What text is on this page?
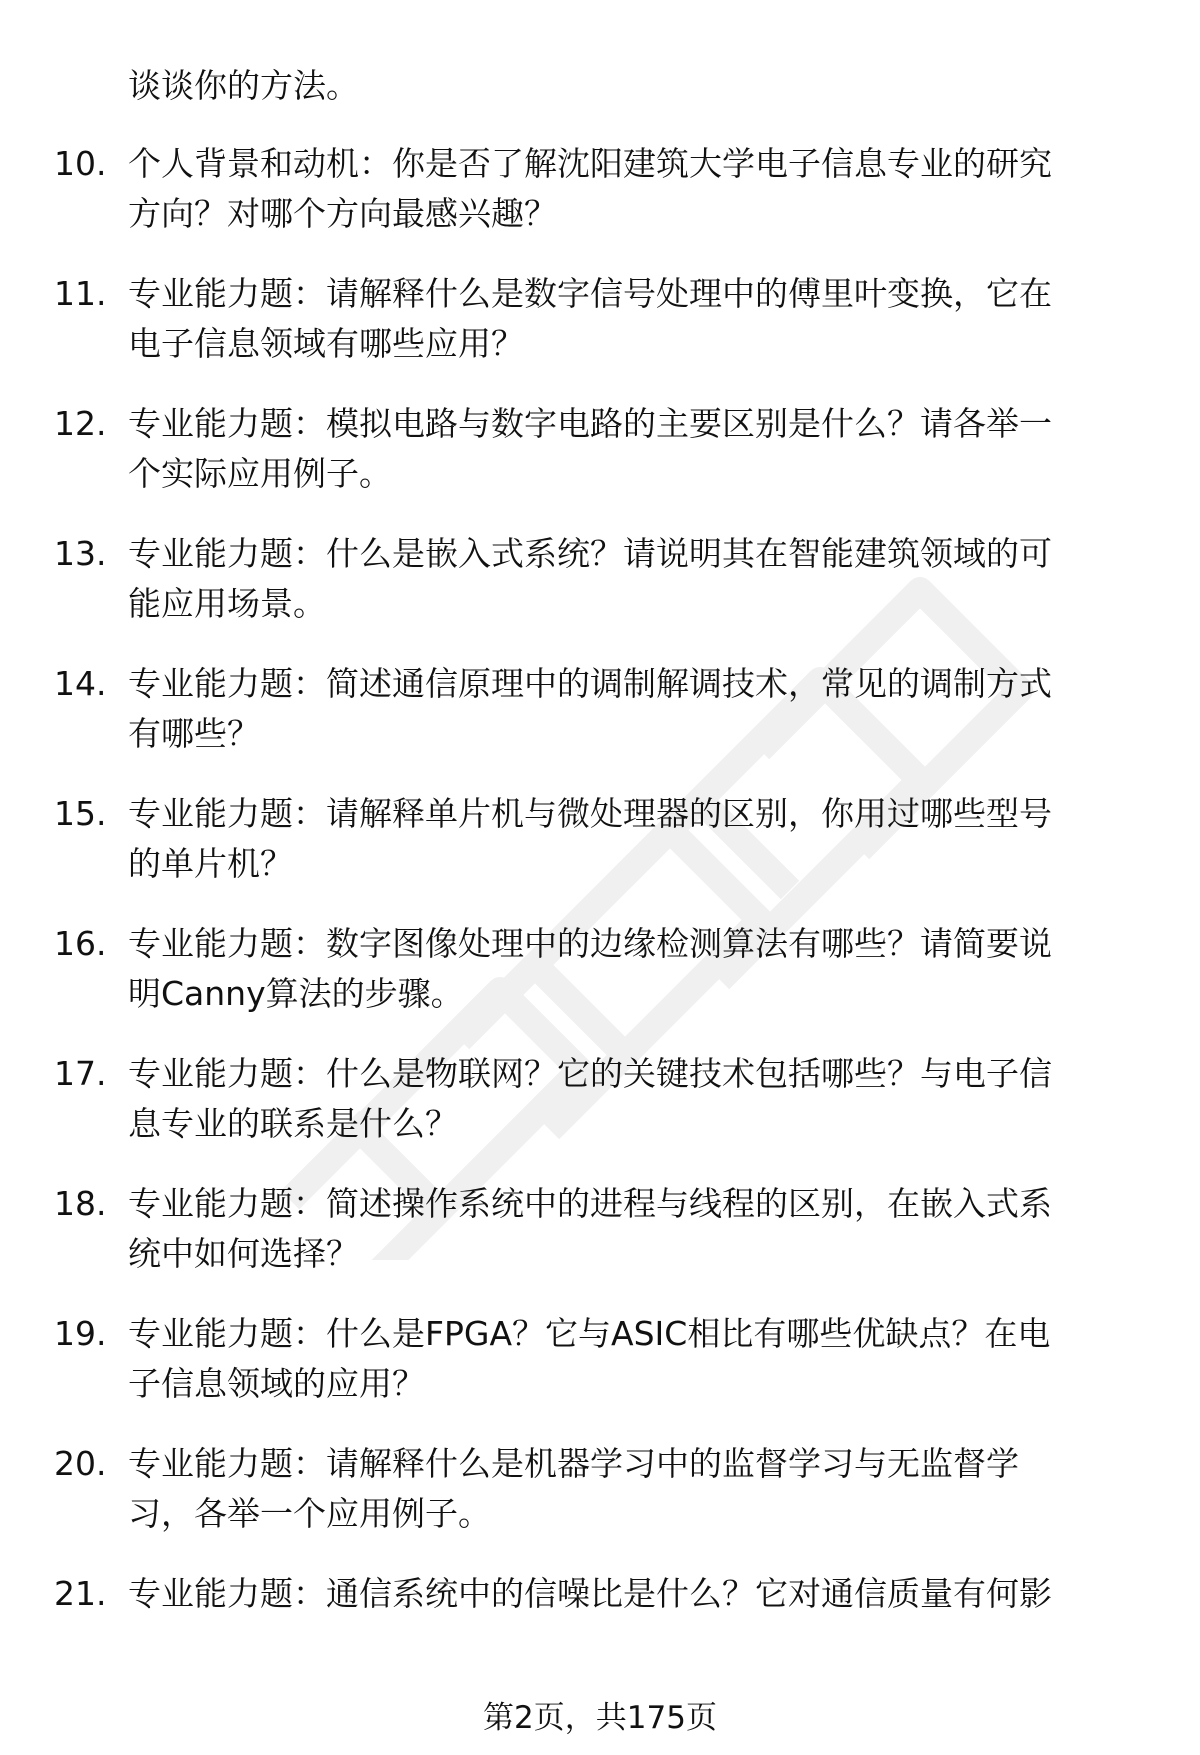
谈谈你的方法。
10. 个人背景和动机：你是否了解沈阳建筑大学电子信息专业的研究
方向？对哪个方向最感兴趣？
11. 专业能力题：请解释什么是数字信号处理中的傅里叶变换，它在
电子信息领域有哪些应用？
12. 专业能力题：模拟电路与数字电路的主要区别是什么？请各举一
个实际应用例子。
13. 专业能力题：什么是嵌入式系统？请说明其在智能建筑领域的可
能应用场景。
14. 专业能力题：简述通信原理中的调制解调技术，常见的调制方式
有哪些？
15. 专业能力题：请解释单片机与微处理器的区别，你用过哪些型号
的单片机？
16. 专业能力题：数字图像处理中的边缘检测算法有哪些？请简要说
明Canny算法的步骤。
17. 专业能力题：什么是物联网？它的关键技术包括哪些？与电子信
息专业的联系是什么？
18. 专业能力题：简述操作系统中的进程与线程的区别，在嵌入式系
统中如何选择？
19. 专业能力题：什么是FPGA？它与ASIC相比有哪些优缺点？在电
子信息领域的应用？
20. 专业能力题：请解释什么是机器学习中的监督学习与无监督学
习，各举一个应用例子。
21. 专业能力题：通信系统中的信噪比是什么？它对通信质量有何影
第2页，共175页
